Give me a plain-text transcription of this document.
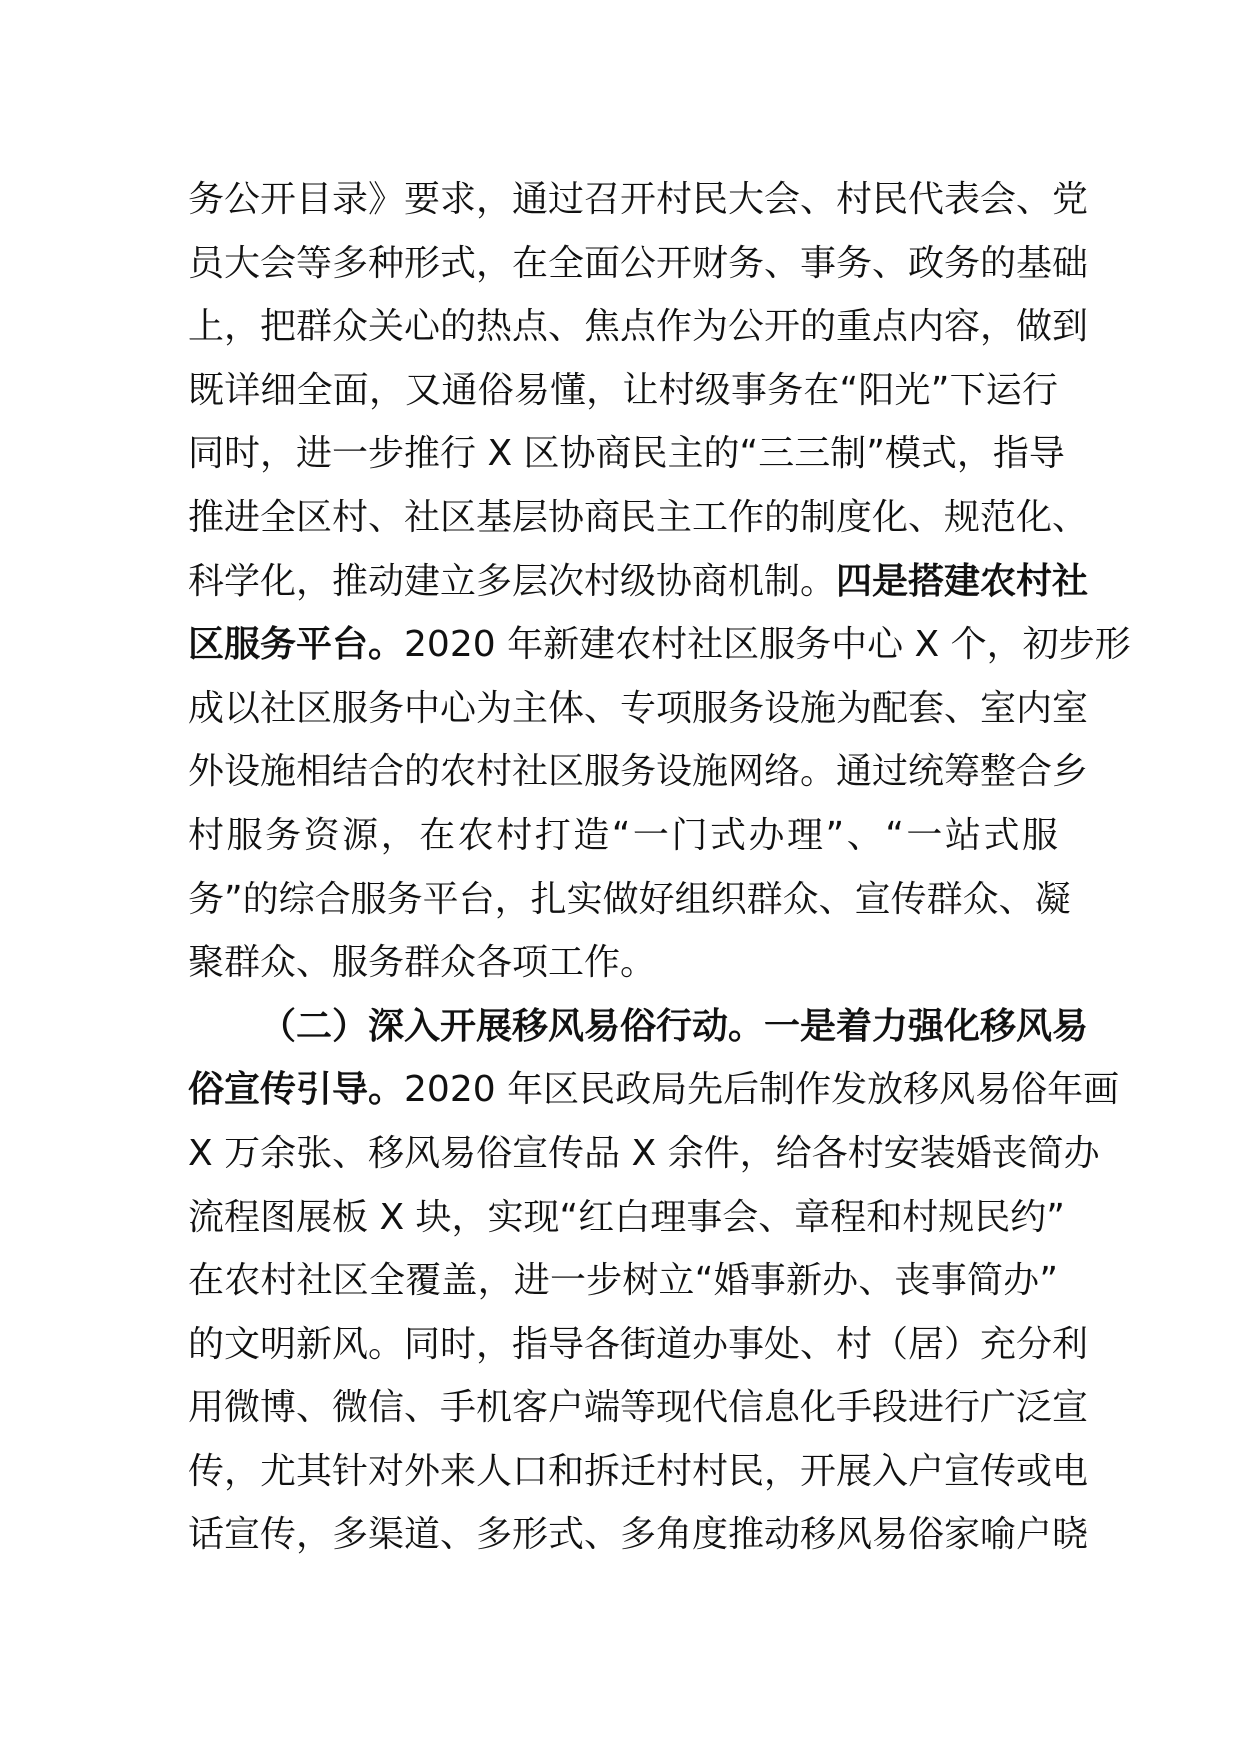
务公开目录》要求，通过召开村民大会、村民代表会、党
员大会等多种形式，在全面公开财务、事务、政务的基础
上，把群众关心的热点、焦点作为公开的重点内容，做到
既详细全面，又通俗易懂，让村级事务在“阳光”下运行
同时，进一步推行 X 区协商民主的“三三制”模式，指导
推进全区村、社区基层协商民主工作的制度化、规范化、
科学化，推动建立多层次村级协商机制。四是搭建农村社
区服务平台。2020 年新建农村社区服务中心 X 个，初步形
成以社区服务中心为主体、专项服务设施为配套、室内室
外设施相结合的农村社区服务设施网络。通过统筹整合乡
村服务资源，在农村打造“一门式办理”、“一站式服
务”的综合服务平台，扎实做好组织群众、宣传群众、凝
聚群众、服务群众各项工作。
（二）深入开展移风易俗行动。一是着力强化移风易
俗宣传引导。2020 年区民政局先后制作发放移风易俗年画
X 万余张、移风易俗宣传品 X 余件，给各村安装婚丧简办
流程图展板 X 块，实现“红白理事会、章程和村规民约”
在农村社区全覆盖，进一步树立“婚事新办、丧事简办”
的文明新风。同时，指导各街道办事处、村（居）充分利
用微博、微信、手机客户端等现代信息化手段进行广泛宣
传，尤其针对外来人口和拆迁村村民，开展入户宣传或电
话宣传，多渠道、多形式、多角度推动移风易俗家喻户晓
